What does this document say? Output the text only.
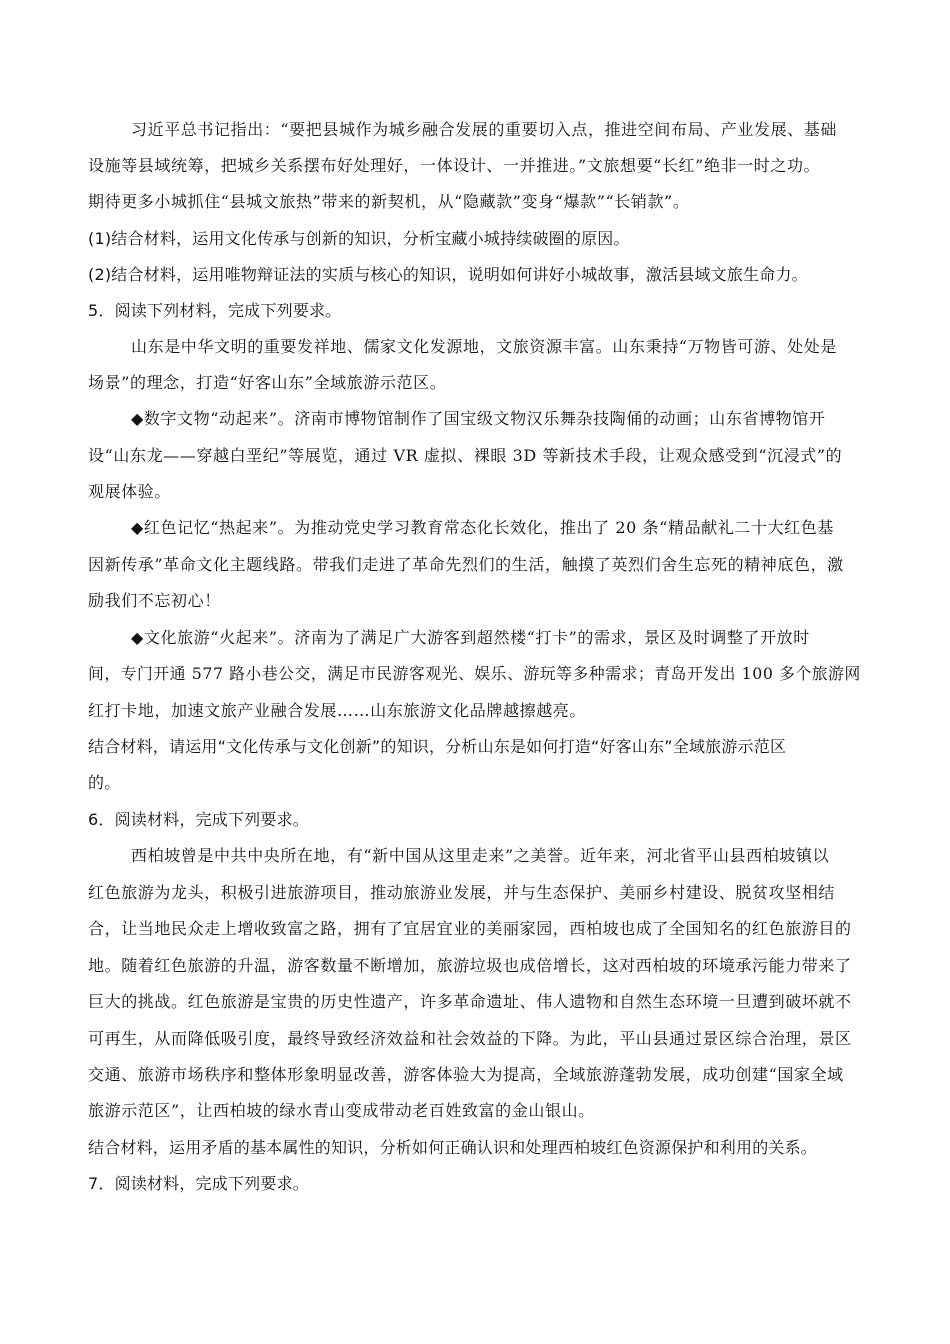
习近平总书记指出：“要把县城作为城乡融合发展的重要切入点，推进空间布局、产业发展、基础
设施等县域统筹，把城乡关系摆布好处理好，一体设计、一并推进。”文旅想要“长红”绝非一时之功。
期待更多小城抓住“县城文旅热”带来的新契机，从“隐藏款”变身“爆款”“长销款”。
(1)结合材料，运用文化传承与创新的知识，分析宝藏小城持续破圈的原因。
(2)结合材料，运用唯物辩证法的实质与核心的知识，说明如何讲好小城故事，激活县域文旅生命力。
5．阅读下列材料，完成下列要求。
山东是中华文明的重要发祥地、儒家文化发源地，文旅资源丰富。山东秉持“万物皆可游、处处是
场景”的理念，打造“好客山东”全域旅游示范区。
◆数字文物“动起来”。济南市博物馆制作了国宝级文物汉乐舞杂技陶俑的动画；山东省博物馆开
设“山东龙——穿越白垩纪”等展览，通过 VR 虚拟、裸眼 3D 等新技术手段，让观众感受到“沉浸式”的
观展体验。
◆红色记忆“热起来”。为推动党史学习教育常态化长效化，推出了 20 条“精品献礼二十大红色基
因新传承”革命文化主题线路。带我们走进了革命先烈们的生活，触摸了英烈们舍生忘死的精神底色，激
励我们不忘初心！
◆文化旅游“火起来”。济南为了满足广大游客到超然楼“打卡”的需求，景区及时调整了开放时
间，专门开通 577 路小巷公交，满足市民游客观光、娱乐、游玩等多种需求；青岛开发出 100 多个旅游网
红打卡地，加速文旅产业融合发展……山东旅游文化品牌越擦越亮。
结合材料，请运用“文化传承与文化创新”的知识，分析山东是如何打造“好客山东”全域旅游示范区
的。
6．阅读材料，完成下列要求。
西柏坡曾是中共中央所在地，有“新中国从这里走来”之美誉。近年来，河北省平山县西柏坡镇以
红色旅游为龙头，积极引进旅游项目，推动旅游业发展，并与生态保护、美丽乡村建设、脱贫攻坚相结
合，让当地民众走上增收致富之路，拥有了宜居宜业的美丽家园，西柏坡也成了全国知名的红色旅游目的
地。随着红色旅游的升温，游客数量不断增加，旅游垃圾也成倍增长，这对西柏坡的环境承污能力带来了
巨大的挑战。红色旅游是宝贵的历史性遗产，许多革命遗址、伟人遗物和自然生态环境一旦遭到破坏就不
可再生，从而降低吸引度，最终导致经济效益和社会效益的下降。为此，平山县通过景区综合治理，景区
交通、旅游市场秩序和整体形象明显改善，游客体验大为提高，全域旅游蓬勃发展，成功创建“国家全域
旅游示范区”，让西柏坡的绿水青山变成带动老百姓致富的金山银山。
结合材料，运用矛盾的基本属性的知识，分析如何正确认识和处理西柏坡红色资源保护和利用的关系。
7．阅读材料，完成下列要求。
